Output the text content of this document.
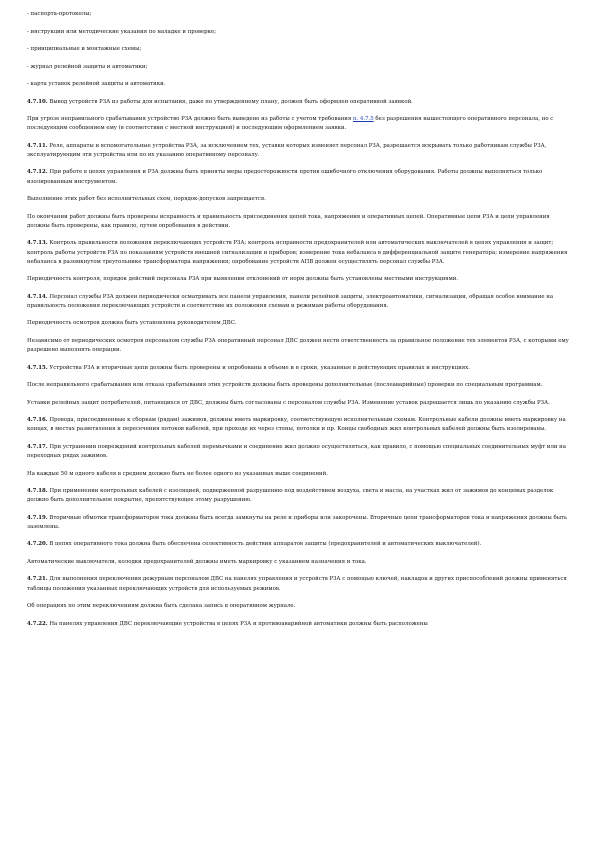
- паспорта-протоколы;

- инструкции или методические указания по наладке и проверке;

- принципиальные и монтажные схемы;

- журнал релейной защиты и автоматики;

- карта уставок релейной защиты и автоматики.

4.7.10. Вывод устройств РЗА из работы для испытания, даже по утвержденному плану, должен быть оформлен оперативной заявкой.

При угрозе неправильного срабатывания устройство РЗА должно быть выведено из работы с учетом требования п. 4.7.5 без разрешения вышестоящего оперативного персонала, но с последующим сообщением ему (в соответствии с местной инструкцией) и последующим оформлением заявки.

4.7.11. Реле, аппараты и вспомогательные устройства РЗА, за исключением тех, уставки которых изменяет персонал РЗА, разрешается вскрывать только работникам службы РЗА, эксплуатирующим эти устройства или по их указанию оперативному персоналу.

4.7.12. При работе в цепях управления и РЗА должны быть приняты меры предосторожности против ошибочного отключения оборудования. Работы должны выполняться только изолированным инструментом.

Выполнение этих работ без исполнительных схем, порядок-допусков запрещается.

По окончании работ должны быть проверены исправность и правильность присоединения цепей тока, напряжения и оперативных цепей. Оперативные цепи РЗА и цепи управления должны быть проверены, как правило, путем опробования в действии.

4.7.13. Контроль правильности положения переключающих устройств РЗА; контроль исправности предохранителей или автоматических выключателей в цепях управления и защит; контроль работы устройств РЗА по показаниям устройств внешней сигнализации и приборов; измерение тока небаланса в дифференциальной защите генератора; измерение напряжения небаланса в разомкнутом треугольнике трансформатора напряжения; опробование устройств АПВ должен осуществлять персонал службы РЗА.

Периодичность контроля, порядок действий персонала РЗА при выявлении отклонений от норм должны быть установлены местными инструкциями.

4.7.14. Персонал службы РЗА должен периодически осматривать все панели управления, панели релейной защиты, электроавтоматики, сигнализации, обращая особое внимание на правильность положения переключающих устройств и соответствие их положения схемам и режимам работы оборудования.

Периодичность осмотров должна быть установлена руководителем ДВС.

Независимо от периодических осмотров персоналом службы РЗА оперативный персонал ДВС должен нести ответственность за правильное положение тех элементов РЗА, с которыми ему разрешено выполнять операции.

4.7.15. Устройства РЗА и вторичные цепи должны быть проверены и опробованы в объеме и в сроки, указанные в действующих правилах и инструкциях.

После неправильного срабатывания или отказа срабатывания этих устройств должны быть проведены дополнительные (послеаварийные) проверки по специальным программам.

Уставки релейных защит потребителей, питающихся от ДВС, должны быть согласованы с персоналом службы РЗА. Изменение уставок разрешается лишь по указанию службы РЗА.

4.7.16. Провода, присоединенные к сборкам (рядам) зажимов, должны иметь маркировку, соответствующую исполнительным схемам. Контрольные кабели должны иметь маркировку на концах, в местах разветвления и пересечения потоков кабелей, при проходе их через стены, потолки и пр. Концы свободных жил контрольных кабелей должны быть изолированы.

4.7.17. При устранении повреждений контрольных кабелей перемычками и соединение жил должно осуществляться, как правило, с помощью специальных соединительных муфт или на переходных рядах зажимов.

На каждые 50 м одного кабеля в среднем должно быть не более одного из указанных выше соединений.

4.7.18. При применении контрольных кабелей с изоляцией, подверженной разрушению под воздействием воздуха, света и масла, на участках жил от зажимов до концевых разделок должно быть дополнительное покрытие, препятствующее этому разрушению.

4.7.19. Вторичные обмотки трансформаторов тока должны быть всегда замкнуты на реле и приборы или закорочены. Вторичные цепи трансформаторов тока и напряжения должны быть заземлены.

4.7.20. В цепях оперативного тока должна быть обеспечена селективность действия аппаратов защиты (предохранителей и автоматических выключателей).

Автоматические выключатели, колодки предохранителей должны иметь маркировку с указанием назначения и тока.

4.7.21. Для выполнения переключения дежурным персоналом ДВС на панелях управления и устройств РЗА с помощью ключей, накладок и других приспособлений должны применяться таблицы положения указанных переключающих устройств для используемых режимов.

Об операциях по этим переключениям должна быть сделана запись в оперативном журнале.

4.7.22. На панелях управления ДВС переключающие устройства в цепях РЗА и противоаварийной автоматики должны быть расположены
